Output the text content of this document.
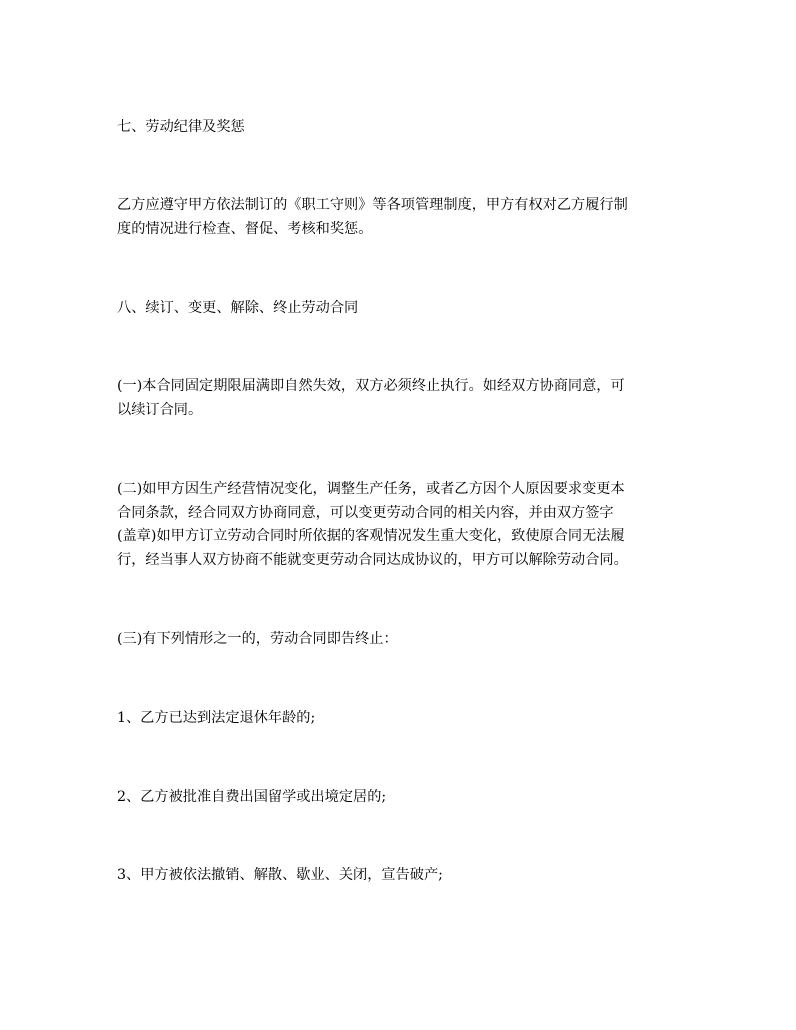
七、劳动纪律及奖惩

乙方应遵守甲方依法制订的《职工守则》等各项管理制度，甲方有权对乙方履行制
度的情况进行检查、督促、考核和奖惩。

八、续订、变更、解除、终止劳动合同

(一)本合同固定期限届满即自然失效，双方必须终止执行。如经双方协商同意，可
以续订合同。

(二)如甲方因生产经营情况变化，调整生产任务，或者乙方因个人原因要求变更本
合同条款，经合同双方协商同意，可以变更劳动合同的相关内容，并由双方签字
(盖章)如甲方订立劳动合同时所依据的客观情况发生重大变化，致使原合同无法履
行，经当事人双方协商不能就变更劳动合同达成协议的，甲方可以解除劳动合同。

(三)有下列情形之一的，劳动合同即告终止：

1、乙方已达到法定退休年龄的;

2、乙方被批准自费出国留学或出境定居的;

3、甲方被依法撤销、解散、歇业、关闭，宣告破产;
